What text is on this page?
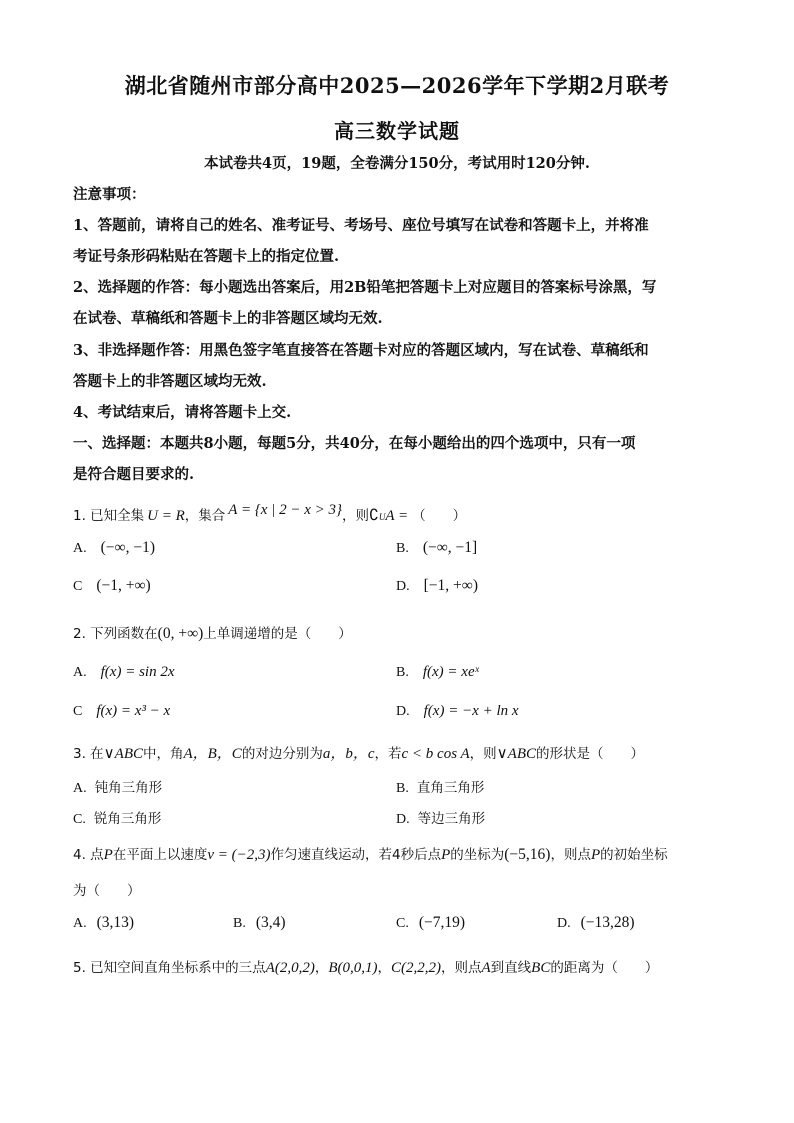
湖北省随州市部分高中2025—2026学年下学期2月联考
高三数学试题
本试卷共4页，19题，全卷满分150分，考试用时120分钟.
注意事项：
1、答题前，请将自己的姓名、准考证号、考场号、座位号填写在试卷和答题卡上，并将准
考证号条形码粘贴在答题卡上的指定位置.
2、选择题的作答：每小题选出答案后，用2B铅笔把答题卡上对应题目的答案标号涂黑，写
在试卷、草稿纸和答题卡上的非答题区域均无效.
3、非选择题作答：用黑色签字笔直接答在答题卡对应的答题区域内，写在试卷、草稿纸和
答题卡上的非答题区域均无效.
4、考试结束后，请将答题卡上交.
一、选择题：本题共8小题，每题5分，共40分，在每小题给出的四个选项中，只有一项
是符合题目要求的.
1. 已知全集 U = R ，集合 A = {x | 2 − x > 3} ，则 ∁ U A = （　　）
A. (−∞, −1)	B. (−∞, −1]
C (−1, +∞)	D. [−1, +∞)
2. 下列函数在 (0, +∞) 上单调递增的是（　　）
A. f(x) = sin 2x	B. f(x) = xeˣ
C f(x) = x³ − x	D. f(x) = −x + ln x
3. 在 ∨ABC 中，角 A，B，C 的对边分别为 a，b，c ，若 c < b cos A ，则 ∨ABC 的形状是（　　）
A. 钝角三角形	B. 直角三角形
C. 锐角三角形	D. 等边三角形
4. 点 P 在平面上以速度 v = (−2,3) 作匀速直线运动，若4秒后点 P 的坐标为 (−5,16) ，则点 P 的初始坐标
为（　　）
A. (3,13)	B. (3,4)	C. (−7,19)	D. (−13,28)
5. 已知空间直角坐标系中的三点 A(2,0,2) ， B(0,0,1) ， C(2,2,2) ，则点 A 到直线 BC 的距离为（　　）
